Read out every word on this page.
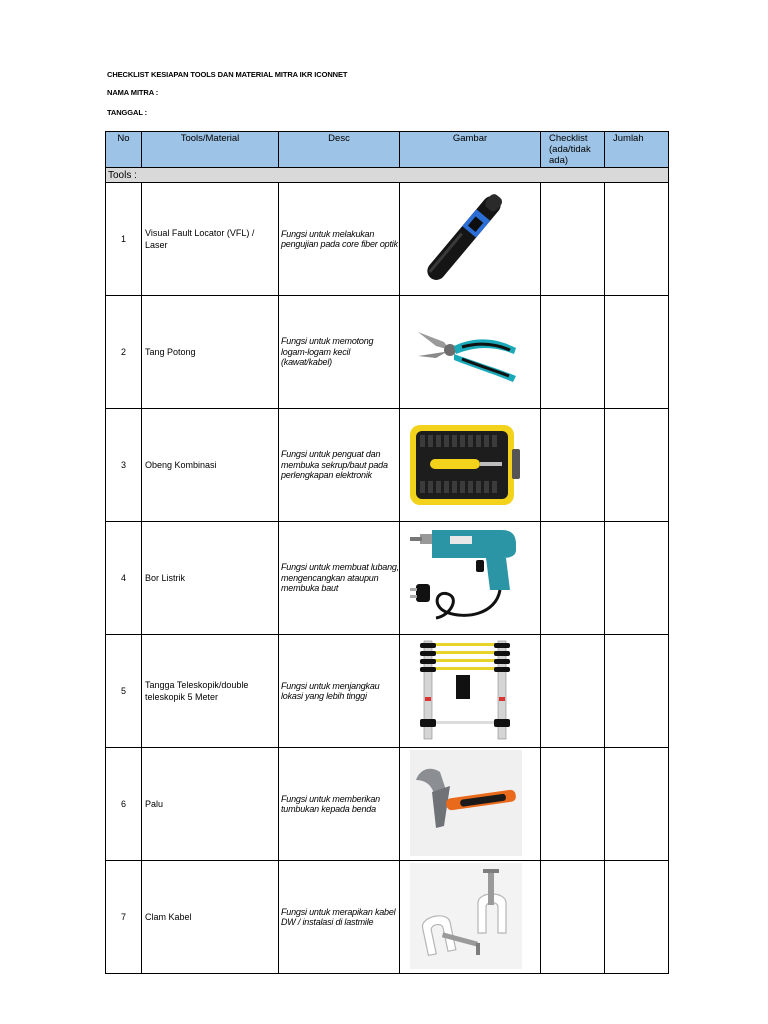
CHECKLIST KESIAPAN TOOLS DAN MATERIAL MITRA IKR ICONNET
NAMA MITRA :
TANGGAL :
No	Tools/Material	Desc	Gambar	Checklist (ada/tidak ada)	Jumlah
Tools :					
1	Visual Fault Locator (VFL) / Laser	Fungsi untuk melakukan pengujian pada core fiber optik	

2	Tang Potong	Fungsi untuk memotong logam-logam kecil (kawat/kabel)	

3	Obeng Kombinasi	Fungsi untuk penguat dan membuka sekrup/baut pada perlengkapan elektronik	

4	Bor Listrik	Fungsi untuk membuat lubang, mengencangkan ataupun membuka baut	

5	Tangga Teleskopik/double teleskopik 5 Meter	Fungsi untuk menjangkau lokasi yang lebih tinggi	

6	Palu	Fungsi untuk memberikan tumbukan kepada benda	

7	Clam Kabel	Fungsi untuk merapikan kabel DW / instalasi di lastmile	
